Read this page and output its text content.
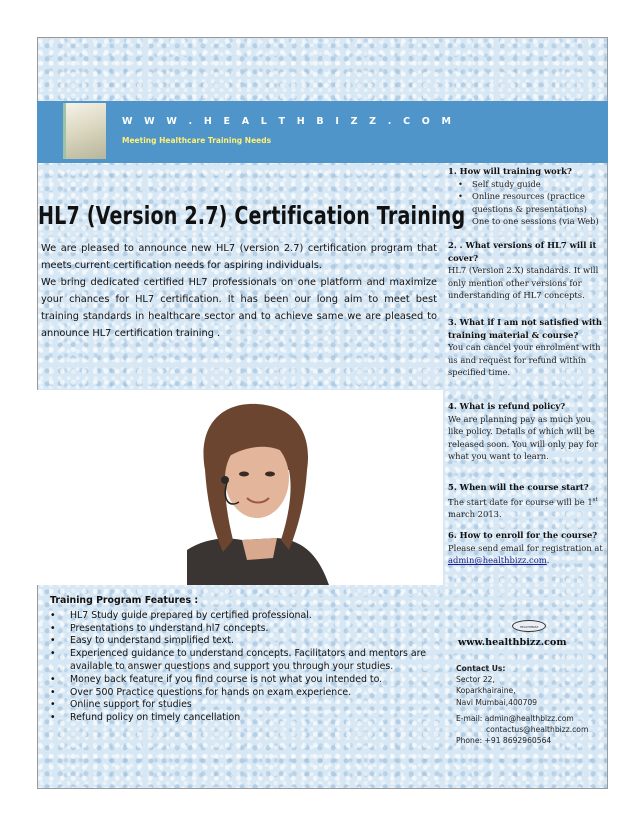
W W W . H E A L T H B I Z Z . C O M
Meeting Healthcare Training Needs
HL7 (Version 2.7) Certification Training

We are pleased to announce new HL7 (version 2.7) certification program that meets current certification needs for aspiring individuals.

We bring dedicated certified HL7 professionals on one platform and maximize your chances for HL7 certification. It has been our long aim to meet best training standards in healthcare sector and to achieve same we are pleased to announce HL7 certification training .

1. How will training work?
• Self study guide
• Online resources (practice questions & presentations)
• One to one sessions (via Web)
2. . What versions of HL7 will it cover?
HL7 (Version 2.X) standards. It will only mention other versions for understanding of HL7 concepts.
3. What if I am not satisfied with training material & course?
You can cancel your enrolment with us and request for refund within specified time.
4. What is refund policy?
We are planning pay as much you like policy. Details of which will be released soon. You will only pay for what you want to learn.
5. When will the course start?
The start date for course will be 1st
march 2013.
6. How to enroll for the course?
Please send email for registration at
admin@healthbizz.com.
Training Program Features :
• HL7 Study guide prepared by certified professional.
• Presentations to understand hl7 concepts.
• Easy to understand simplified text.
• Experienced guidance to understand concepts. Facilitators and mentors are available to answer questions and support you through your studies.
• Money back feature if you find course is not what you intended to.
• Over 500 Practice questions for hands on exam experience.
• Online support for studies
• Refund policy on timely cancellation
HEALTHBIZZ
www.healthbizz.com
Contact Us:
Sector 22,
Koparkhairaine,
Navi Mumbai,400709
E-mail: admin@healthbizz.com
contactus@healthbizz.com
Phone: +91 8692960564
